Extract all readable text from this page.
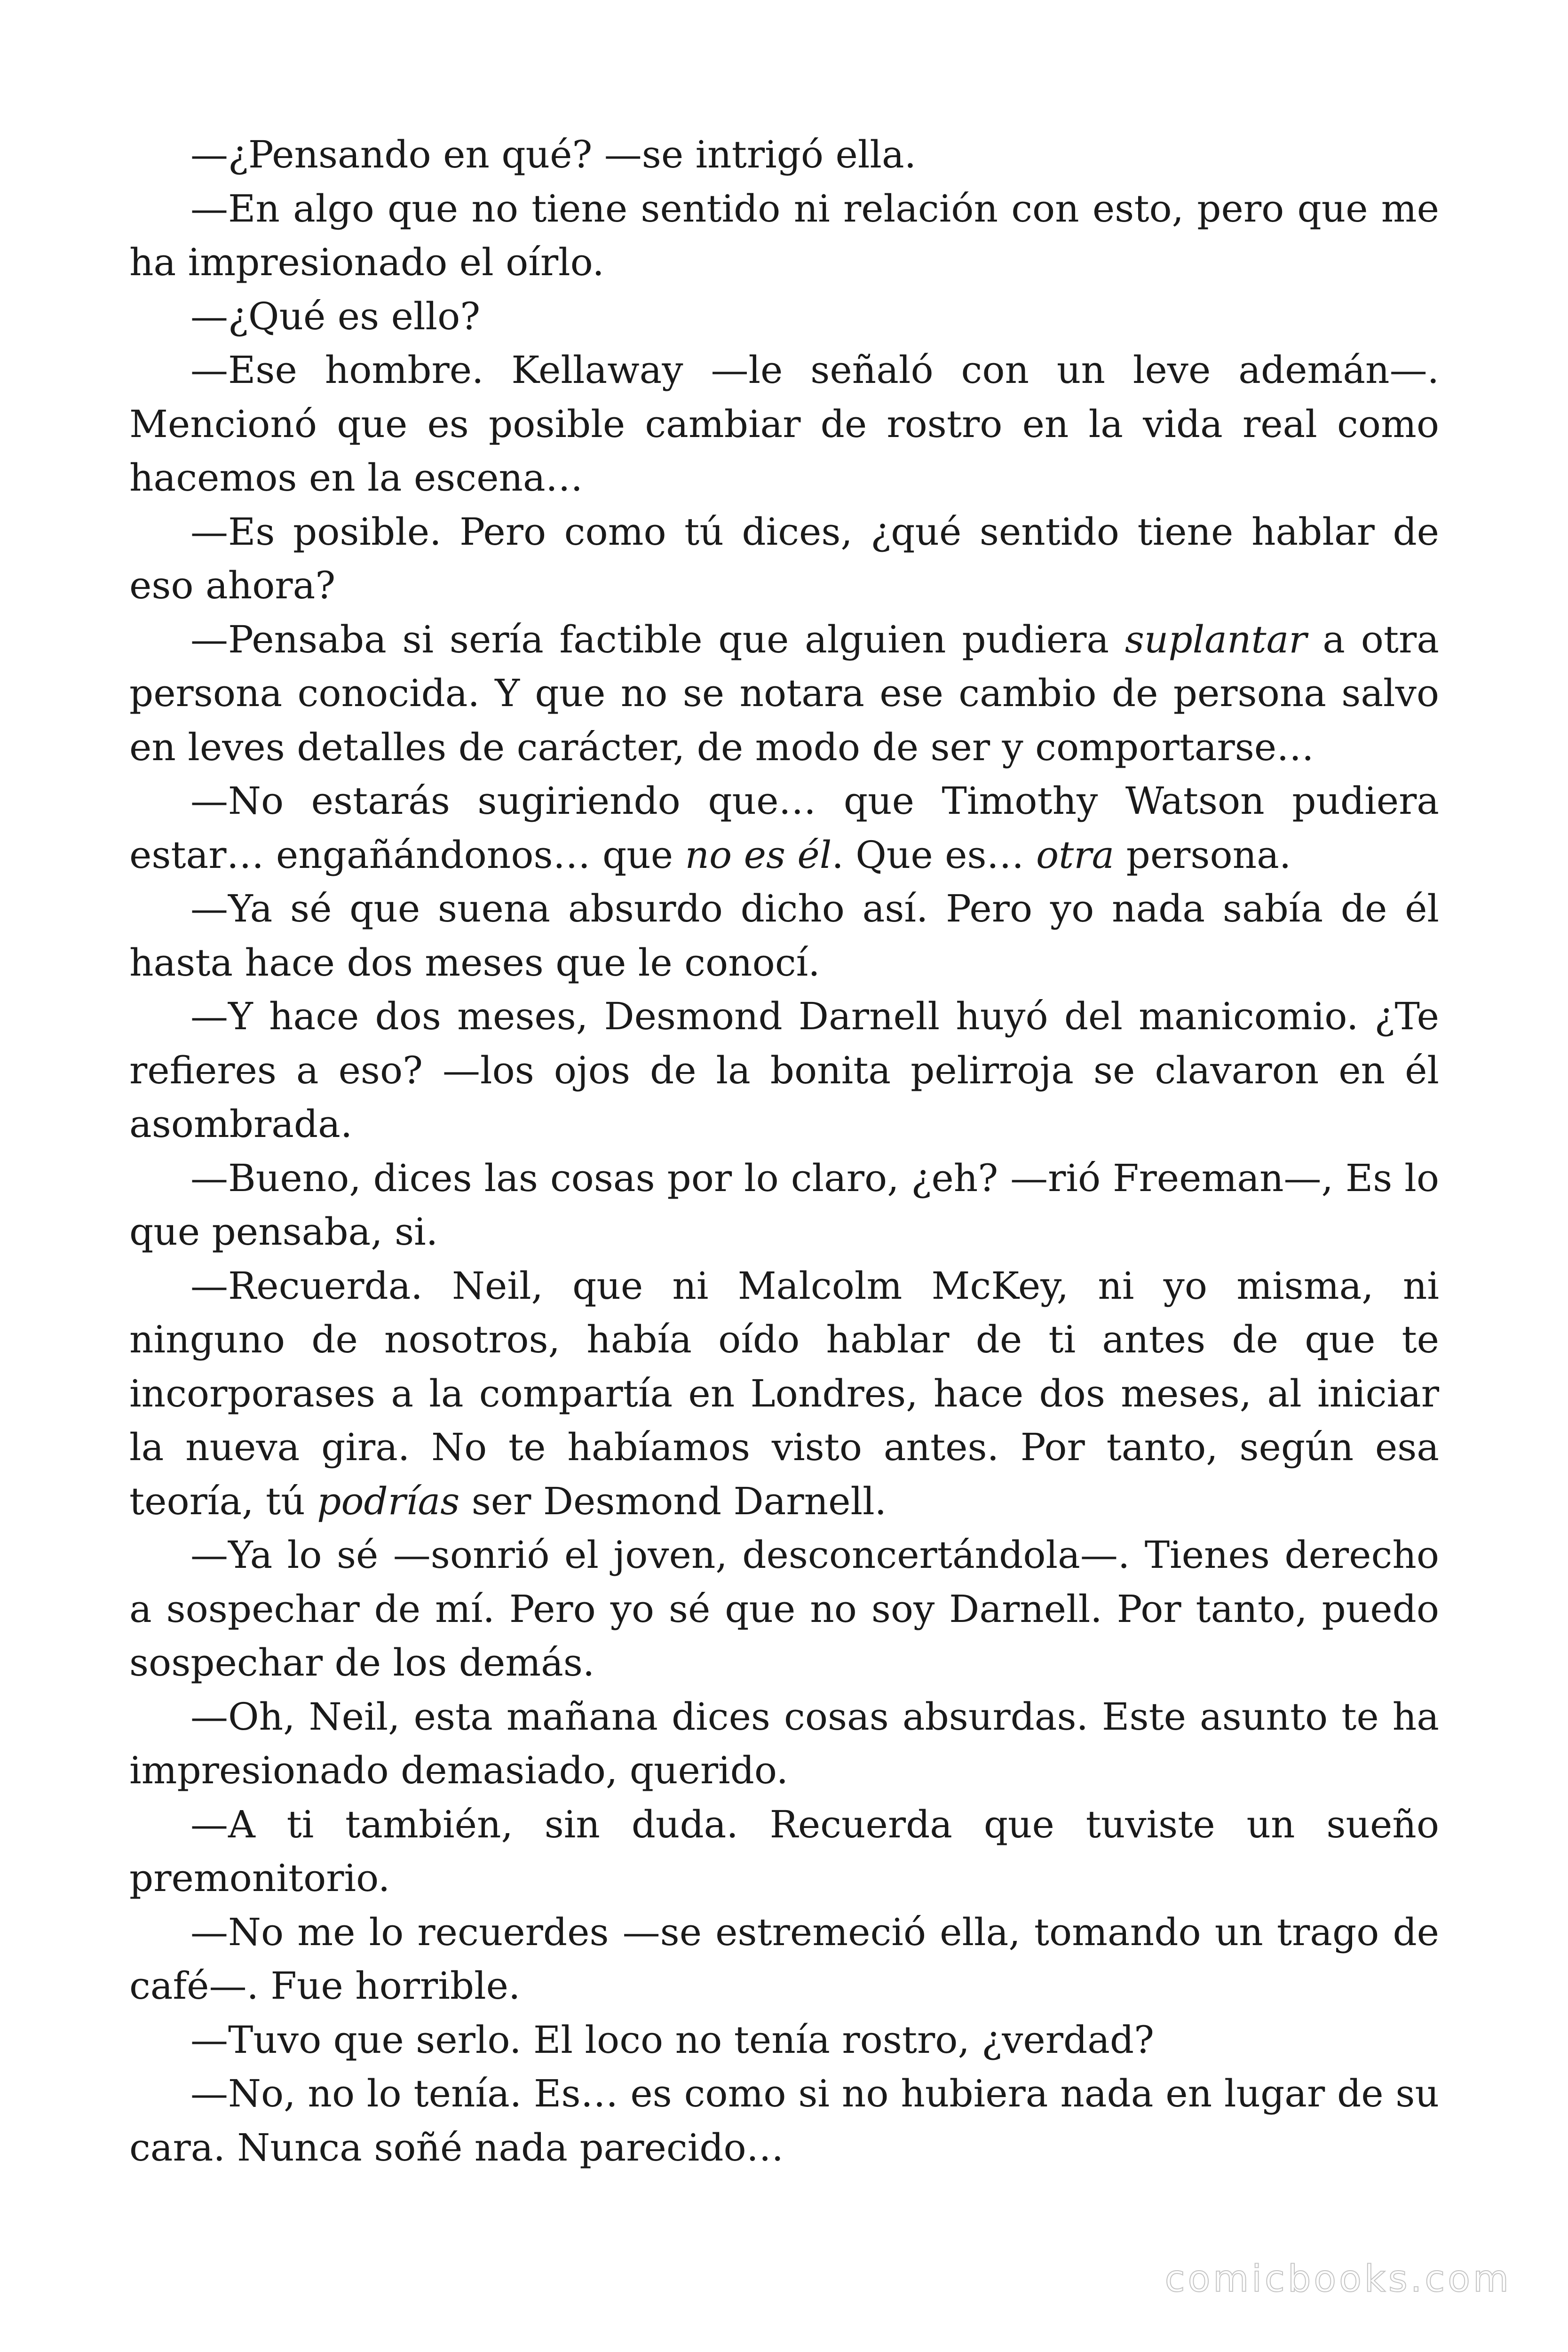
—¿Pensando en qué? —se intrigó ella.

—En algo que no tiene sentido ni relación con esto, pero que me ha impresionado el oírlo.

—¿Qué es ello?

—Ese hombre. Kellaway —le señaló con un leve ademán—. Mencionó que es posible cambiar de rostro en la vida real como hacemos en la escena…

—Es posible. Pero como tú dices, ¿qué sentido tiene hablar de eso ahora?

—Pensaba si sería factible que alguien pudiera suplantar a otra persona conocida. Y que no se notara ese cambio de persona salvo en leves detalles de carácter, de modo de ser y comportarse…

—No estarás sugiriendo que… que Timothy Watson pudiera estar… engañándonos… que no es él. Que es… otra persona.

—Ya sé que suena absurdo dicho así. Pero yo nada sabía de él hasta hace dos meses que le conocí.

—Y hace dos meses, Desmond Darnell huyó del manicomio. ¿Te refieres a eso? —los ojos de la bonita pelirroja se clavaron en él asombrada.

—Bueno, dices las cosas por lo claro, ¿eh? —rió Freeman—, Es lo que pensaba, si.

—Recuerda. Neil, que ni Malcolm McKey, ni yo misma, ni ninguno de nosotros, había oído hablar de ti antes de que te incorporases a la compartía en Londres, hace dos meses, al iniciar la nueva gira. No te habíamos visto antes. Por tanto, según esa teoría, tú podrías ser Desmond Darnell.

—Ya lo sé —sonrió el joven, desconcertándola—. Tienes derecho a sospechar de mí. Pero yo sé que no soy Darnell. Por tanto, puedo sospechar de los demás.

—Oh, Neil, esta mañana dices cosas absurdas. Este asunto te ha impresionado demasiado, querido.

—A ti también, sin duda. Recuerda que tuviste un sueño premonitorio.

—No me lo recuerdes —se estremeció ella, tomando un trago de café—. Fue horrible.

—Tuvo que serlo. El loco no tenía rostro, ¿verdad?

—No, no lo tenía. Es… es como si no hubiera nada en lugar de su cara. Nunca soñé nada parecido…

comicbooks.com
